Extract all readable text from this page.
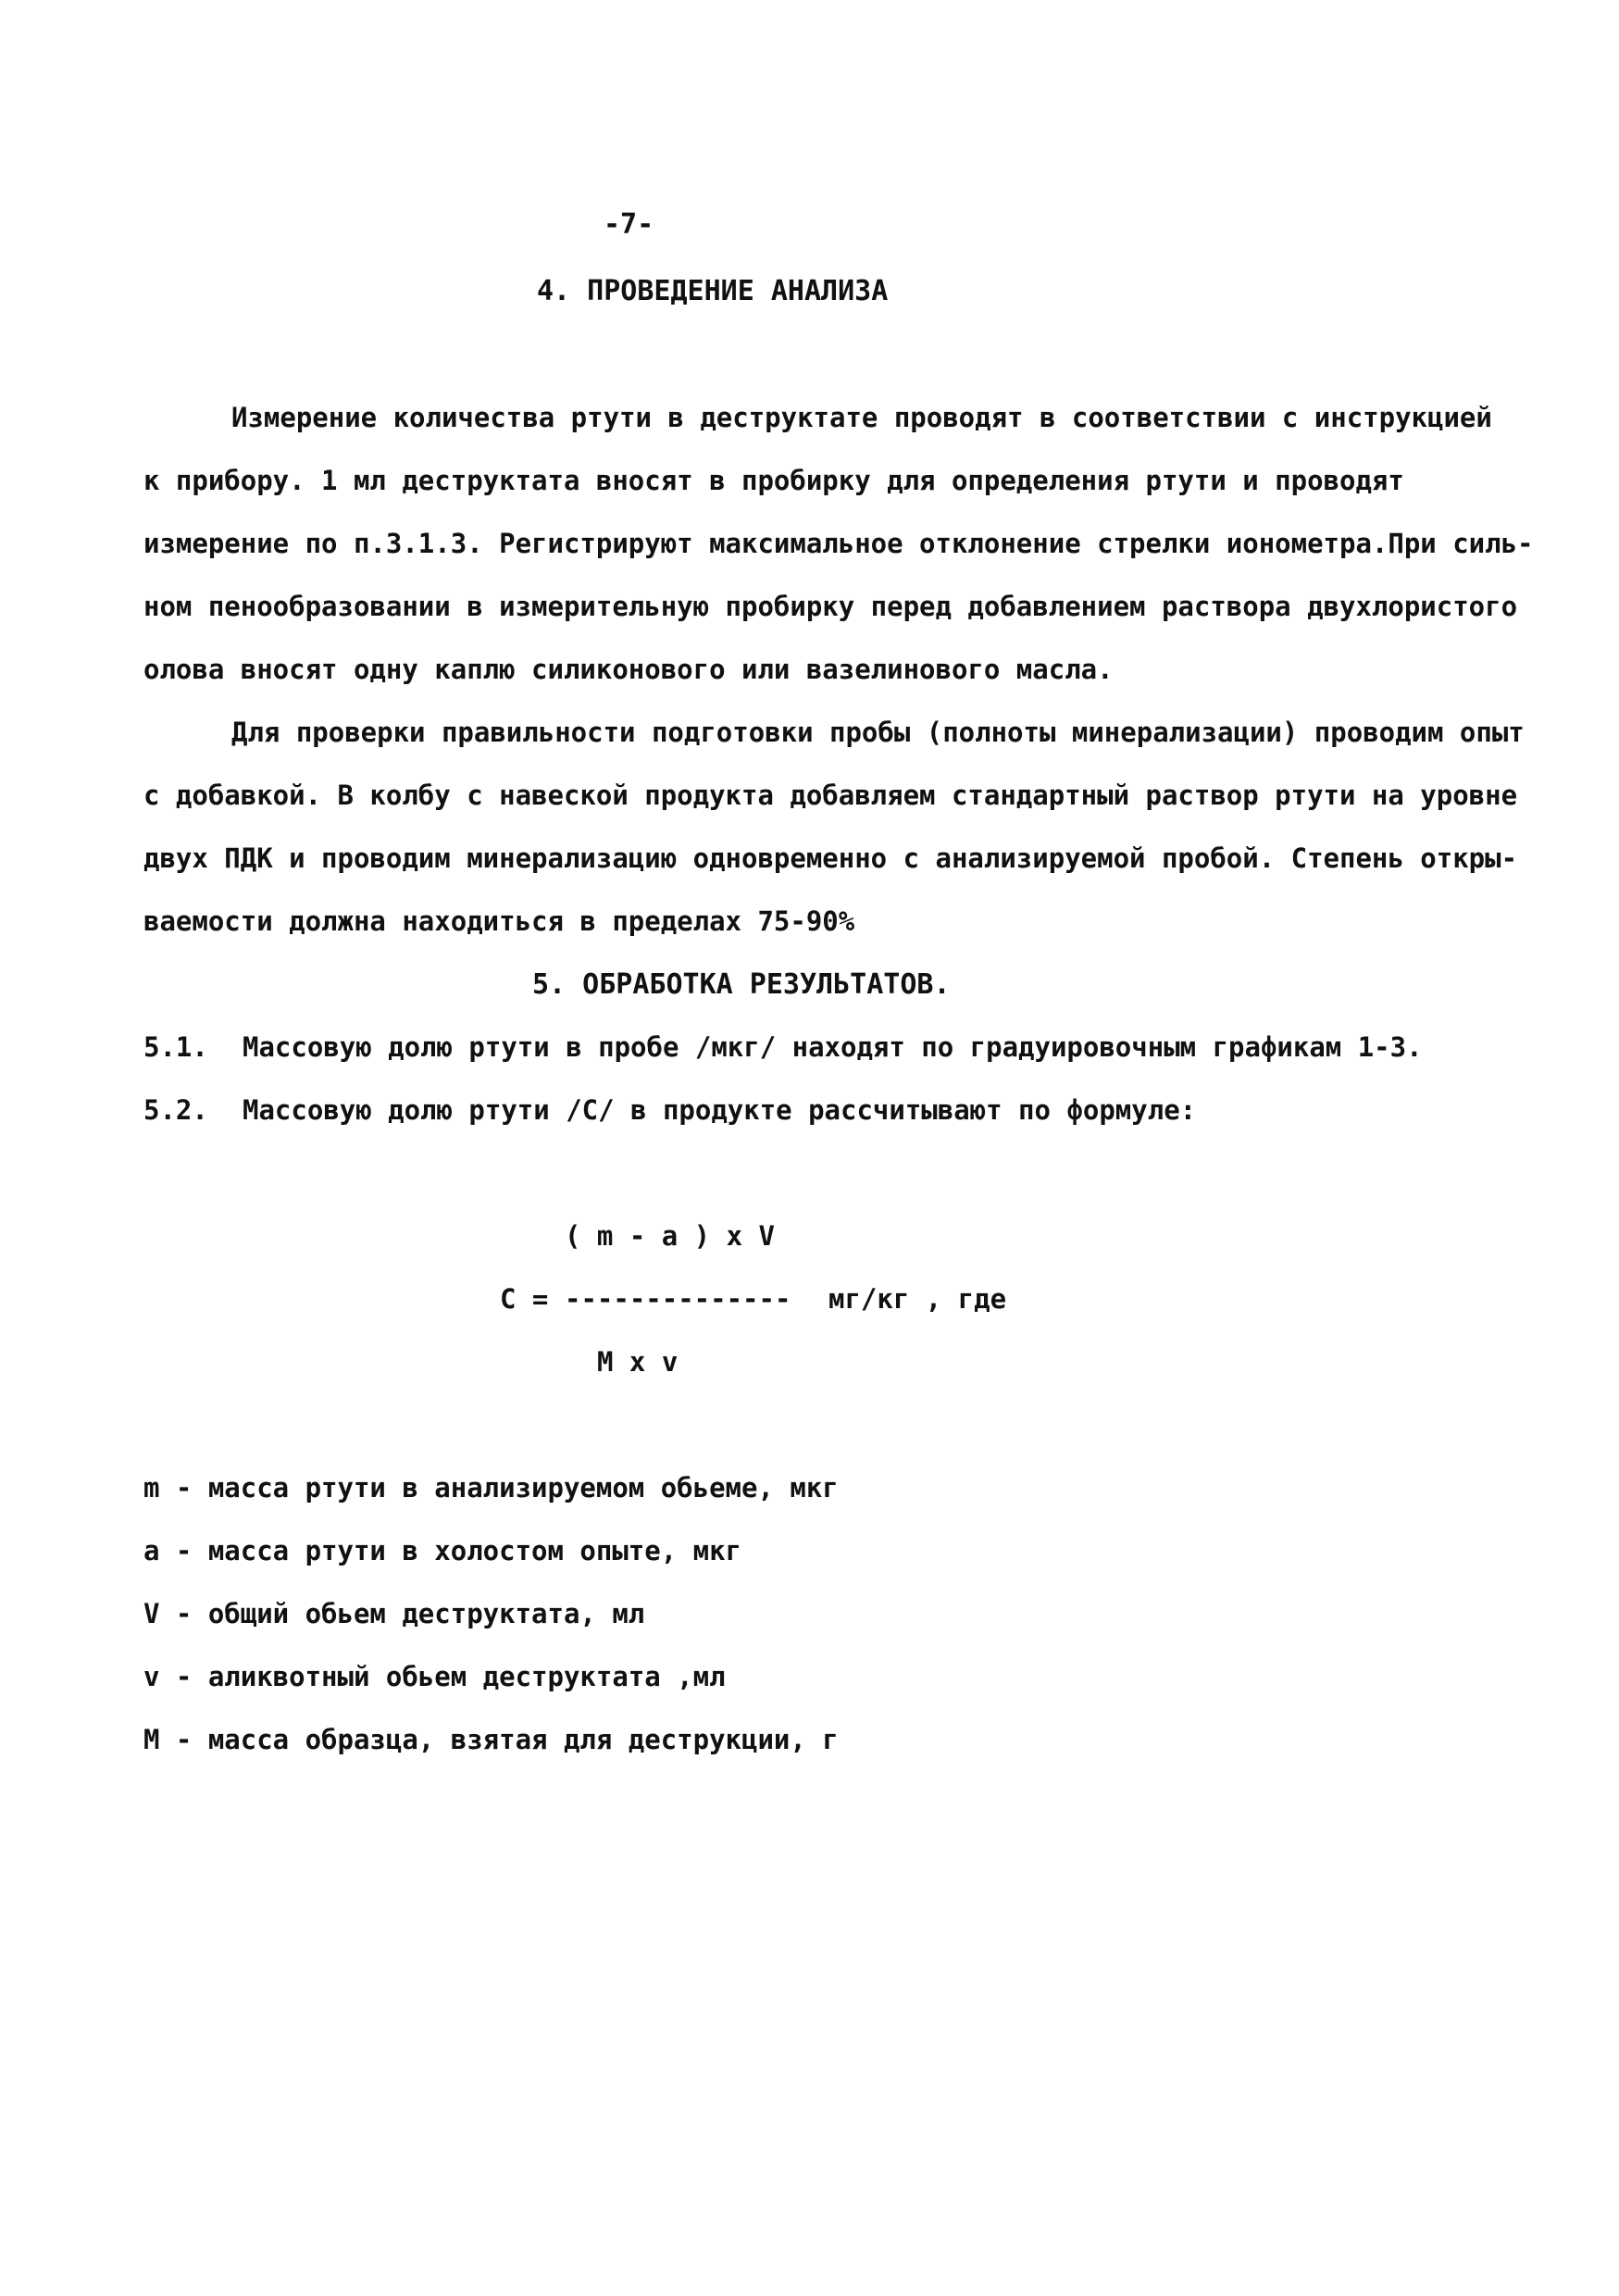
-7-
4. ПРОВЕДЕНИЕ АНАЛИЗА
Измерение количества ртути в деструктате проводят в соответствии с инструкцией
к прибору. 1 мл деструктата вносят в пробирку для определения ртути и проводят
измерение по п.3.1.3. Регистрируют максимальное отклонение стрелки ионометра.При силь-
ном пенообразовании в измерительную пробирку перед добавлением раствора двухлористого
олова вносят одну каплю силиконового или вазелинового масла.
Для проверки правильности подготовки пробы (полноты минерализации) проводим опыт
с добавкой. В колбу с навеской продукта добавляем стандартный раствор ртути на уровне
двух ПДК и проводим минерализацию одновременно с анализируемой пробой. Степень откры-
ваемости должна находиться в пределах 75-90%
5. ОБРАБОТКА РЕЗУЛЬТАТОВ.
5.1. Массовую долю ртути в пробе /мкг/ находят по градуировочным графикам 1-3.
5.2. Массовую долю ртути /С/ в продукте рассчитывают по формуле:
( m - a ) x V
С = -------------- мг/кг , где
М x v
m - масса ртути в анализируемом обьеме, мкг
а - масса ртути в холостом опыте, мкг
V - общий обьем деструктата, мл
v - аликвотный обьем деструктата ,мл
М - масса образца, взятая для деструкции, г
